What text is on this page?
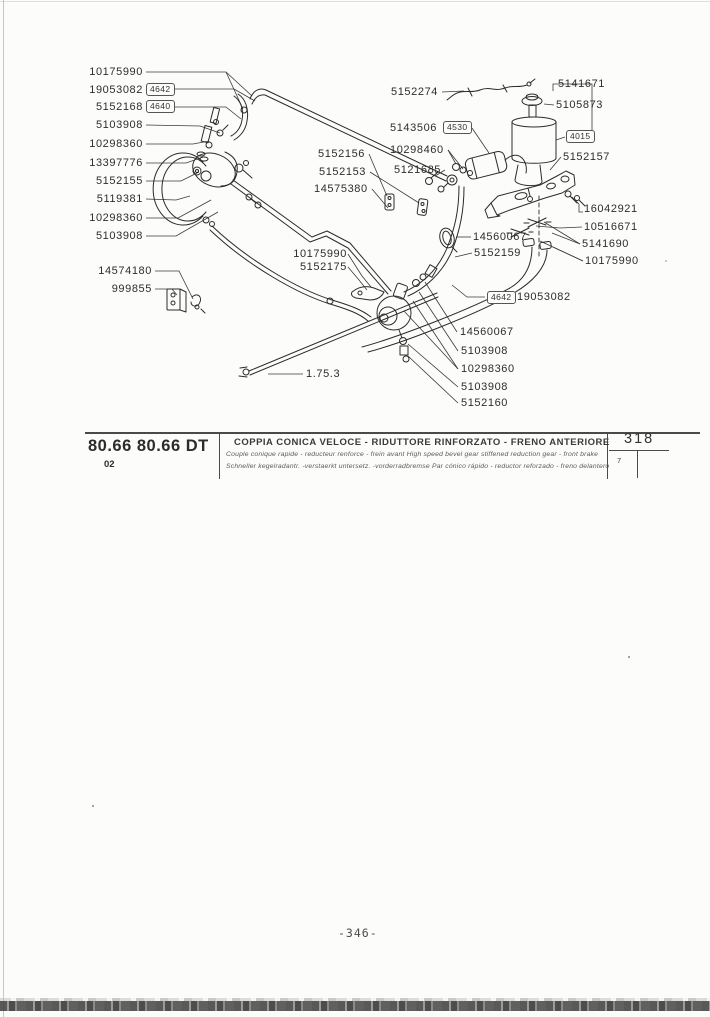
10175990
19053082 4642
5152168 4640
5103908
10298360
13397776
5152155
5119381
10298360
5103908
14574180
999855
10175990
5152175
1.75.3
5152274
5143506	4530
10298460
5121685
5152156
5152153
14575380
5141671
5105873
4015
5152157
16042921
10516671
5141690
10175990
14560067
5152159
4642 19053082
14560067
5103908
10298360
5103908
5152160
80.66 80.66 DT
02
COPPIA CONICA VELOCE - RIDUTTORE RINFORZATO - FRENO ANTERIORE
Couple conique rapide - reducteur renforce - frein avant High speed bevel gear stiffened reduction gear - front brake
Schneller kegelradantr. -verstaerkt untersetz. -vorderradbremse Par cónico rápido - reductor reforzado - freno delantero
318
7
-346-
